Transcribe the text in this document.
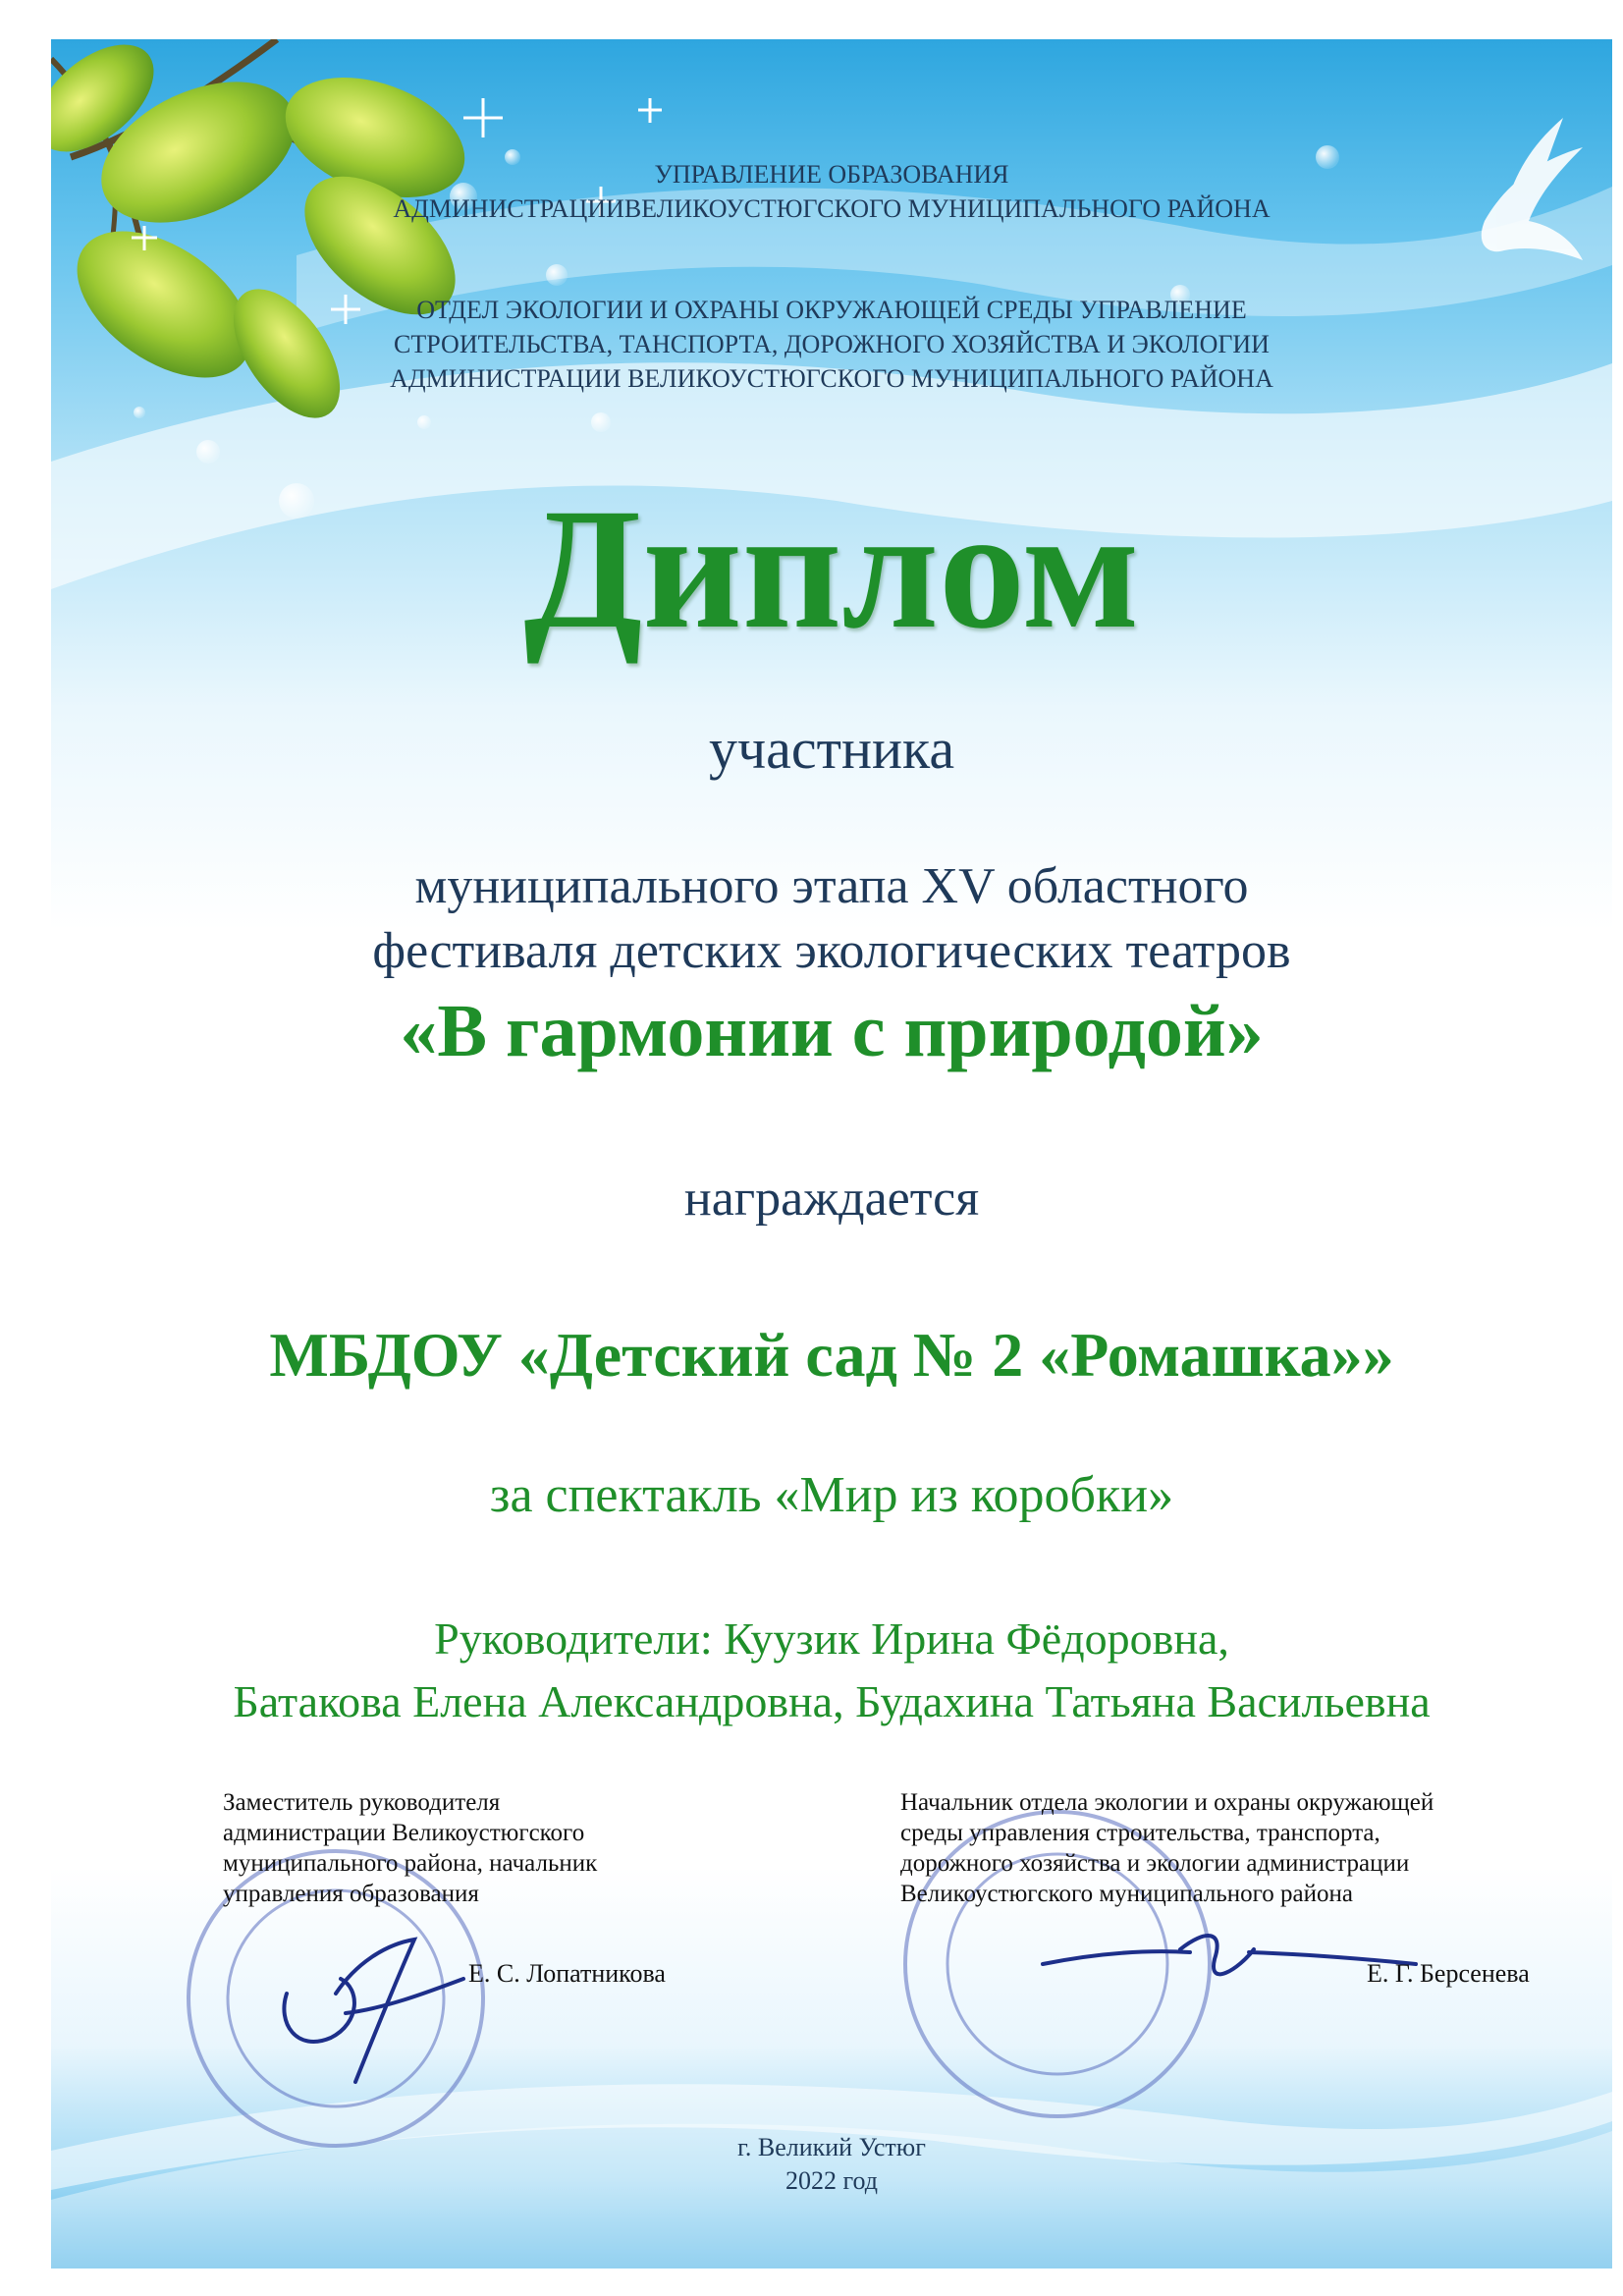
УПРАВЛЕНИЕ ОБРАЗОВАНИЯ
АДМИНИСТРАЦИИВЕЛИКОУСТЮГСКОГО МУНИЦИПАЛЬНОГО РАЙОНА
ОТДЕЛ ЭКОЛОГИИ И ОХРАНЫ ОКРУЖАЮЩЕЙ СРЕДЫ УПРАВЛЕНИЕ
СТРОИТЕЛЬСТВА, ТАНСПОРТА, ДОРОЖНОГО ХОЗЯЙСТВА И ЭКОЛОГИИ
АДМИНИСТРАЦИИ ВЕЛИКОУСТЮГСКОГО МУНИЦИПАЛЬНОГО РАЙОНА
Диплом
участника
муниципального этапа XV областного
фестиваля детских экологических театров
«В гармонии с природой»
награждается
МБДОУ «Детский сад № 2 «Ромашка»»
за спектакль «Мир из коробки»
Руководители: Куузик Ирина Фёдоровна,
Батакова Елена Александровна, Будахина Татьяна Васильевна
Заместитель руководителя
администрации Великоустюгского
муниципального района, начальник
управления образования
Е. С. Лопатникова
Начальник отдела экологии и охраны окружающей
среды управления строительства, транспорта,
дорожного хозяйства и экологии администрации
Великоустюгского муниципального района
Е. Г. Берсенева
г. Великий Устюг
2022 год
